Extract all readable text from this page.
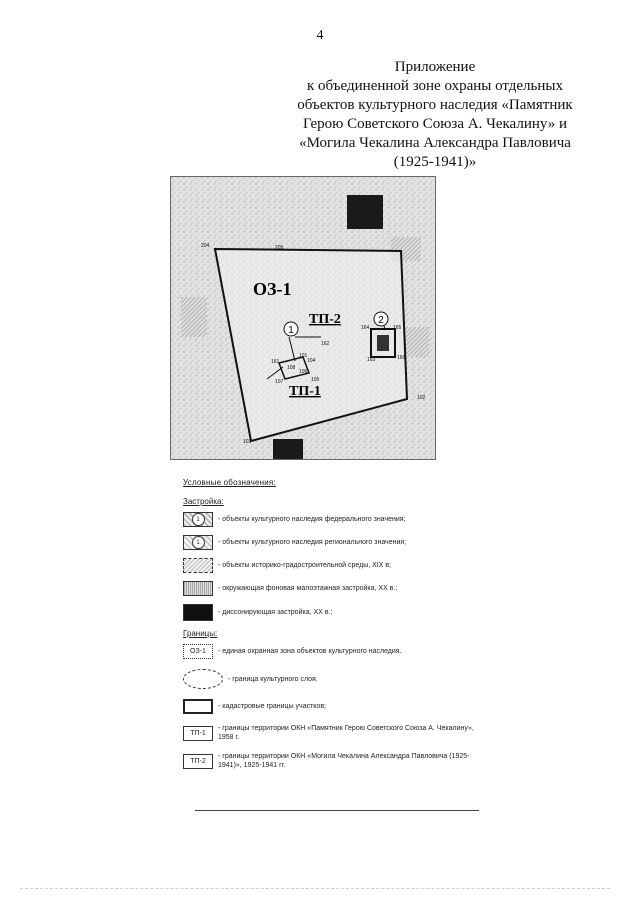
4
Приложение
к объединенной зоне охраны отдельных
объектов культурного наследия «Памятник
Герою Советского Союза А. Чекалину» и
«Могила Чекалина Александра Павловича
(1925-1941)»
1
2
ОЗ-1
ТП-2
ТП-1
204	205
102
103
101
104
105
106
107
108
161
162
163
164	165
166
Условные обозначения:
Застройка:
1	- объекты культурного наследия федерального значения;
1	- объекты культурного наследия регионального значения;
- объекты историко-градостроительной среды, XIX в;
- окружающая фоновая малоэтажная застройка, XX в.;
- диссонирующая застройка, XX в.;
Границы:
ОЗ-1	- единая охранная зона объектов культурного наследия.
- граница культурного слоя.
- кадастровые границы участков;
ТП-1
- границы территории ОКН «Памятник Герою Советского Союза А. Чекалину», 1958 г.
ТП-2
- границы территории ОКН «Могила Чекалина Александра Павловича (1925-1941)», 1925-1941 гг.
